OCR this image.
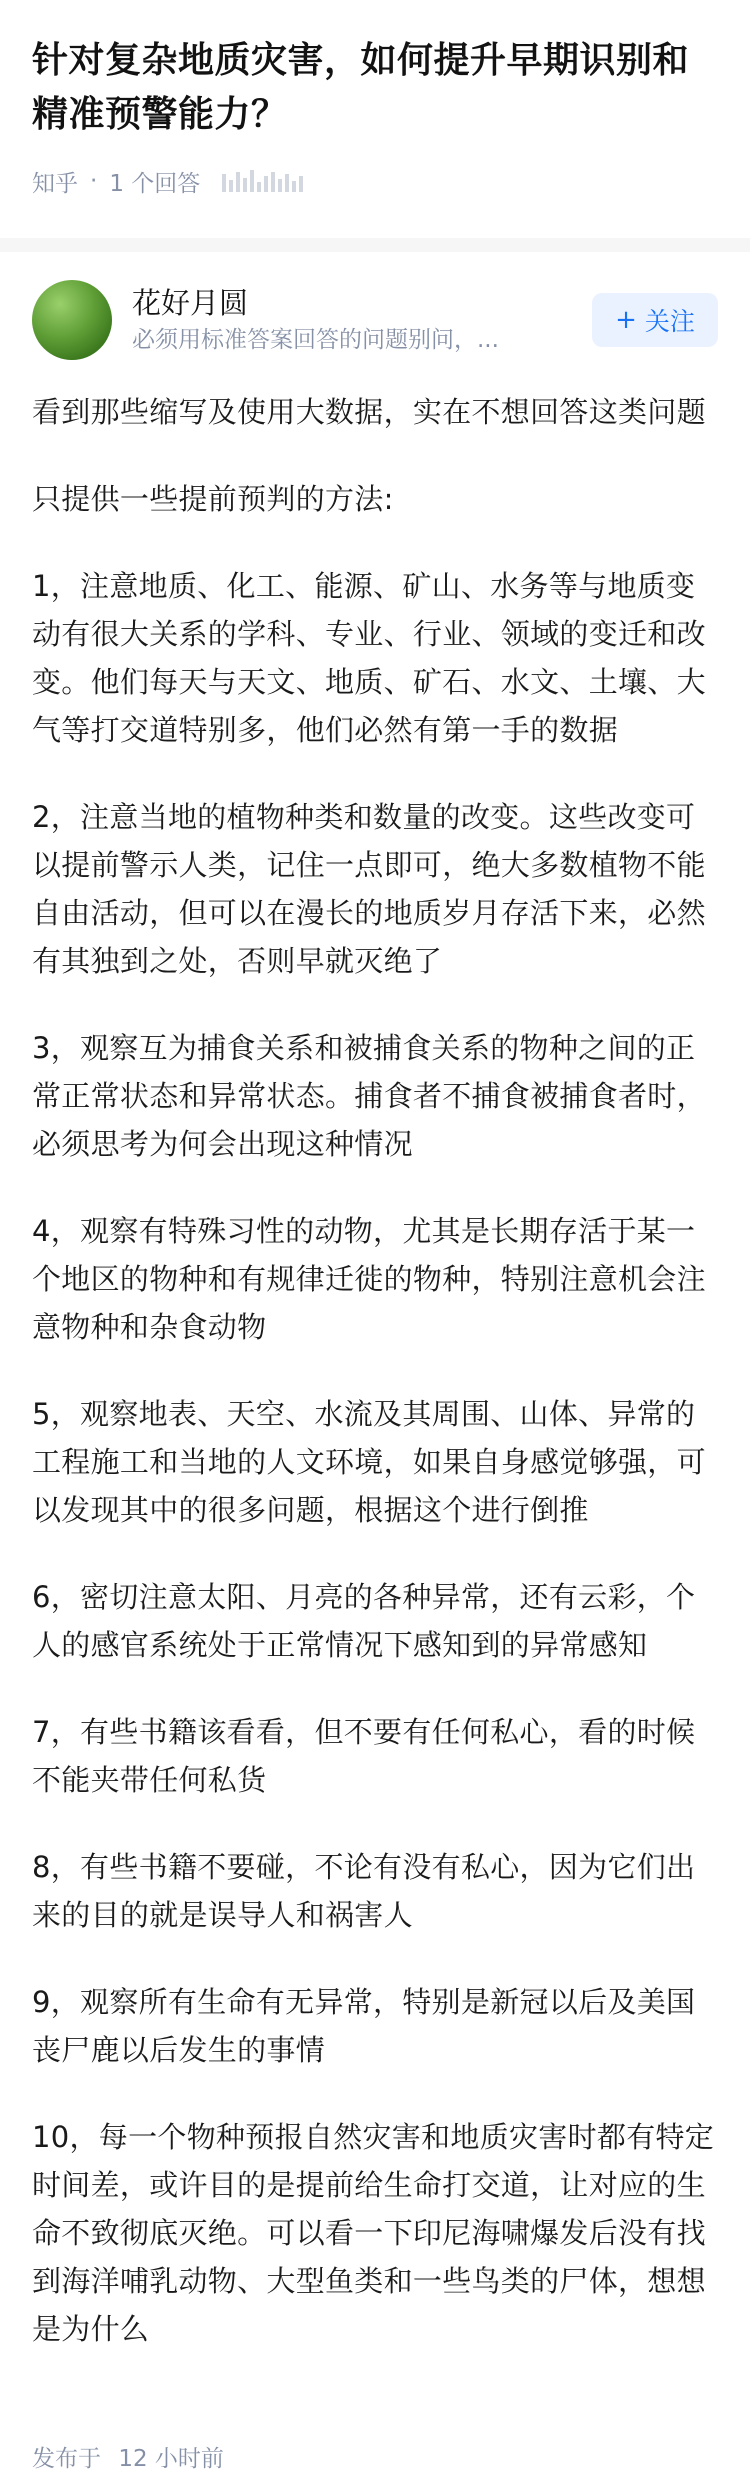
针对复杂地质灾害，如何提升早期识别和精准预警能力？
知乎 · 1 个回答
花好月圆
必须用标准答案回答的问题别问，...
+ 关注

看到那些缩写及使用大数据，实在不想回答这类问题

只提供一些提前预判的方法:

1，注意地质、化工、能源、矿山、水务等与地质变动有很大关系的学科、专业、行业、领域的变迁和改变。他们每天与天文、地质、矿石、水文、土壤、大气等打交道特别多，他们必然有第一手的数据

2，注意当地的植物种类和数量的改变。这些改变可以提前警示人类，记住一点即可，绝大多数植物不能自由活动，但可以在漫长的地质岁月存活下来，必然有其独到之处，否则早就灭绝了

3，观察互为捕食关系和被捕食关系的物种之间的正常正常状态和异常状态。捕食者不捕食被捕食者时，必须思考为何会出现这种情况

4，观察有特殊习性的动物，尤其是长期存活于某一个地区的物种和有规律迁徙的物种，特别注意机会注意物种和杂食动物

5，观察地表、天空、水流及其周围、山体、异常的工程施工和当地的人文环境，如果自身感觉够强，可以发现其中的很多问题，根据这个进行倒推

6，密切注意太阳、月亮的各种异常，还有云彩，个人的感官系统处于正常情况下感知到的异常感知

7，有些书籍该看看，但不要有任何私心，看的时候不能夹带任何私货

8，有些书籍不要碰，不论有没有私心，因为它们出来的目的就是误导人和祸害人

9，观察所有生命有无异常，特别是新冠以后及美国丧尸鹿以后发生的事情

10，每一个物种预报自然灾害和地质灾害时都有特定时间差，或许目的是提前给生命打交道，让对应的生命不致彻底灭绝。可以看一下印尼海啸爆发后没有找到海洋哺乳动物、大型鱼类和一些鸟类的尸体，想想是为什么

发布于 12 小时前
